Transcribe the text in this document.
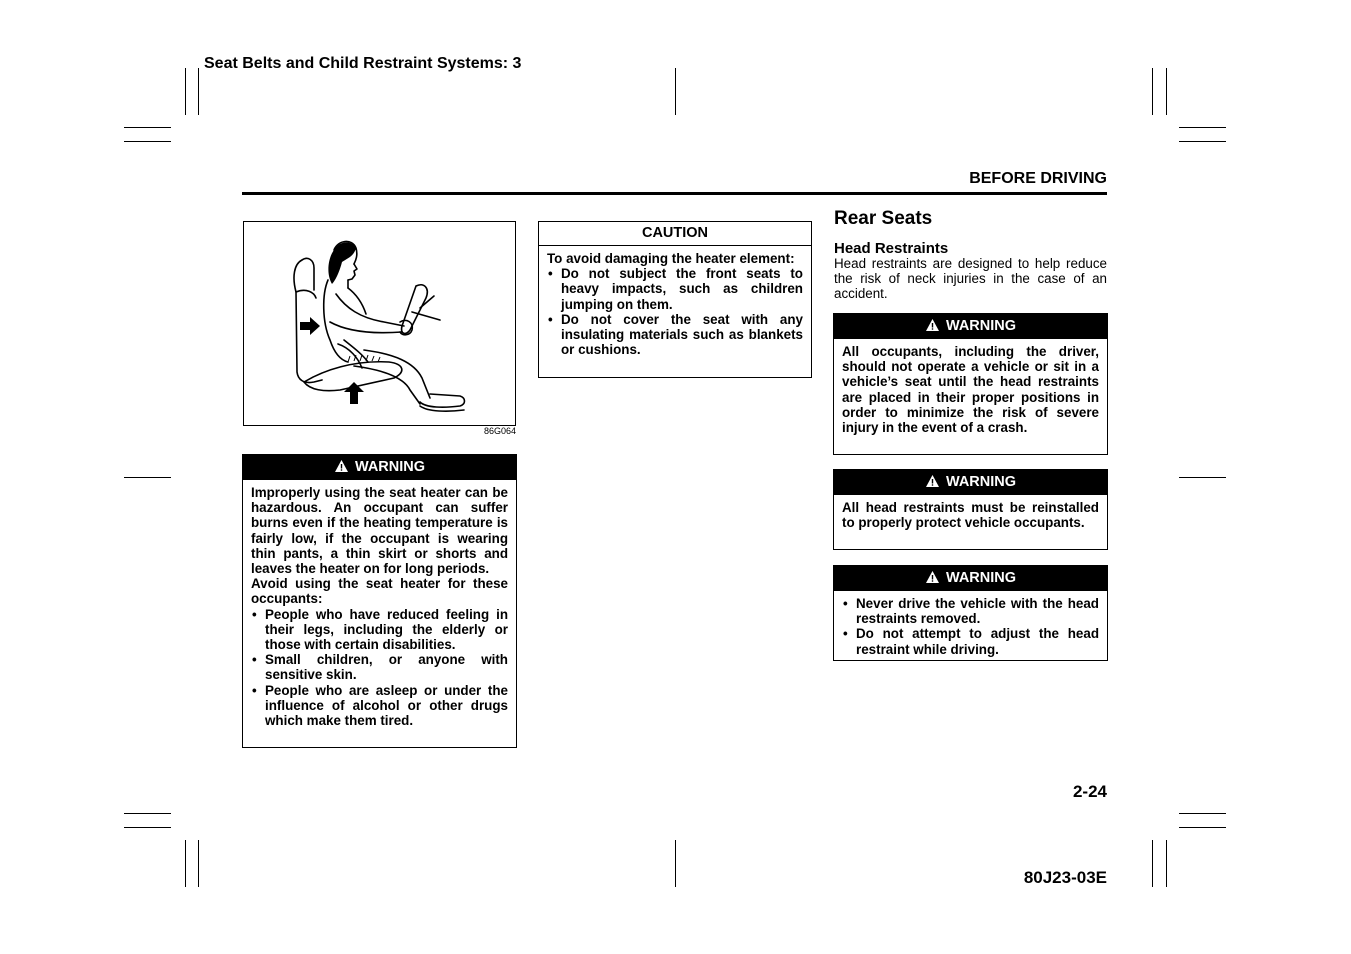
Seat Belts and Child Restraint Systems: 3
BEFORE DRIVING
86G064
WARNING

Improperly using the seat heater can be hazardous. An occupant can suffer burns even if the heating temperature is fairly low, if the occupant is wearing thin pants, a thin skirt or shorts and leaves the heater on for long periods.

Avoid using the seat heater for these occupants:

• People who have reduced feeling in their legs, including the elderly or those with certain disabilities.
• Small children, or anyone with sensitive skin.
• People who are asleep or under the influence of alcohol or other drugs which make them tired.
CAUTION

To avoid damaging the heater element:

• Do not subject the front seats to heavy impacts, such as children jumping on them.
• Do not cover the seat with any insulating materials such as blankets or cushions.
Rear Seats
Head Restraints
Head restraints are designed to help reduce the risk of neck injuries in the case of an accident.
WARNING

All occupants, including the driver, should not operate a vehicle or sit in a vehicle’s seat until the head restraints are placed in their proper positions in order to minimize the risk of severe injury in the event of a crash.

WARNING

All head restraints must be reinstalled to properly protect vehicle occupants.

WARNING
• Never drive the vehicle with the head restraints removed.
• Do not attempt to adjust the head restraint while driving.
2-24
80J23-03E
